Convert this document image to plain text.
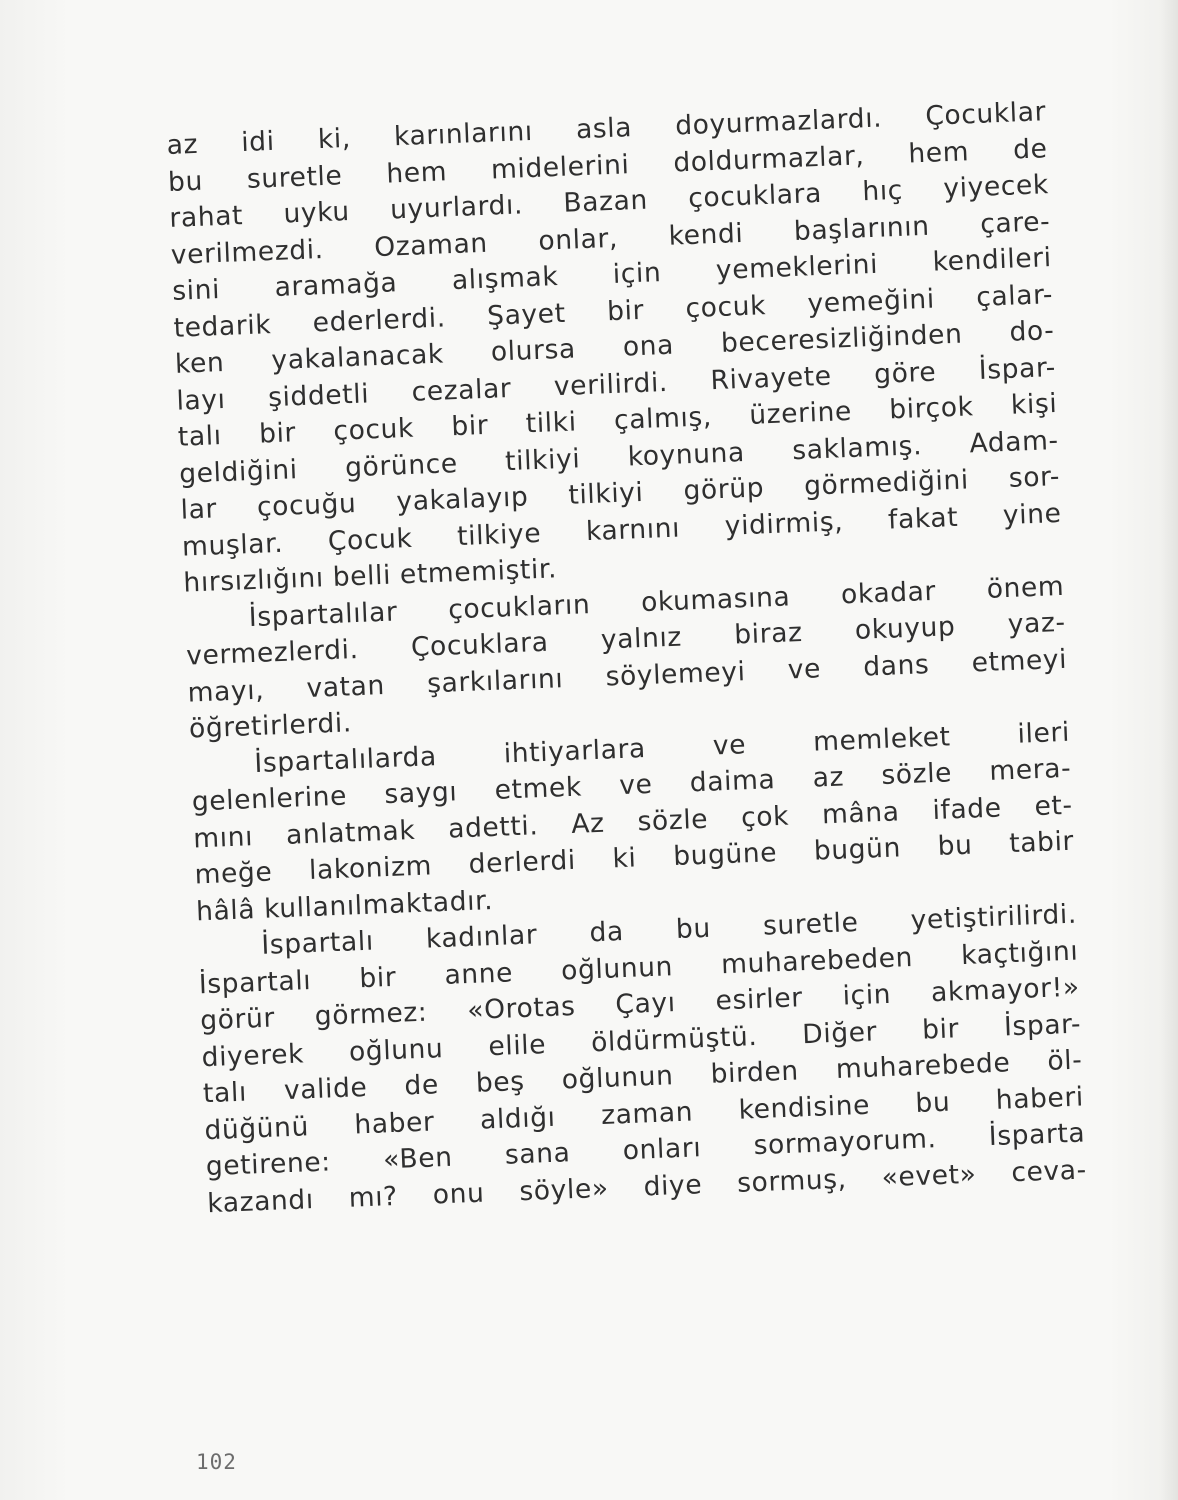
az idi ki, karınlarını asla doyurmazlardı. Çocuklar
bu suretle hem midelerini doldurmazlar, hem de
rahat uyku uyurlardı. Bazan çocuklara hıç yiyecek
verilmezdi. Ozaman onlar, kendi başlarının çare-
sini aramağa alışmak için yemeklerini kendileri
tedarik ederlerdi. Şayet bir çocuk yemeğini çalar-
ken yakalanacak olursa ona beceresizliğinden do-
layı şiddetli cezalar verilirdi. Rivayete göre İspar-
talı bir çocuk bir tilki çalmış, üzerine birçok kişi
geldiğini görünce tilkiyi koynuna saklamış. Adam-
lar çocuğu yakalayıp tilkiyi görüp görmediğini sor-
muşlar. Çocuk tilkiye karnını yidirmiş, fakat yine
hırsızlığını belli etmemiştir.
İspartalılar çocukların okumasına okadar önem
vermezlerdi. Çocuklara yalnız biraz okuyup yaz-
mayı, vatan şarkılarını söylemeyi ve dans etmeyi
öğretirlerdi.
İspartalılarda ihtiyarlara ve memleket ileri
gelenlerine saygı etmek ve daima az sözle mera-
mını anlatmak adetti. Az sözle çok mâna ifade et-
meğe lakonizm derlerdi ki bugüne bugün bu tabir
hâlâ kullanılmaktadır.
İspartalı kadınlar da bu suretle yetiştirilirdi.
İspartalı bir anne oğlunun muharebeden kaçtığını
görür görmez: «Orotas Çayı esirler için akmayor!»
diyerek oğlunu elile öldürmüştü. Diğer bir İspar-
talı valide de beş oğlunun birden muharebede öl-
düğünü haber aldığı zaman kendisine bu haberi
getirene: «Ben sana onları sormayorum. İsparta
kazandı mı? onu söyle» diye sormuş, «evet» ceva-
102
